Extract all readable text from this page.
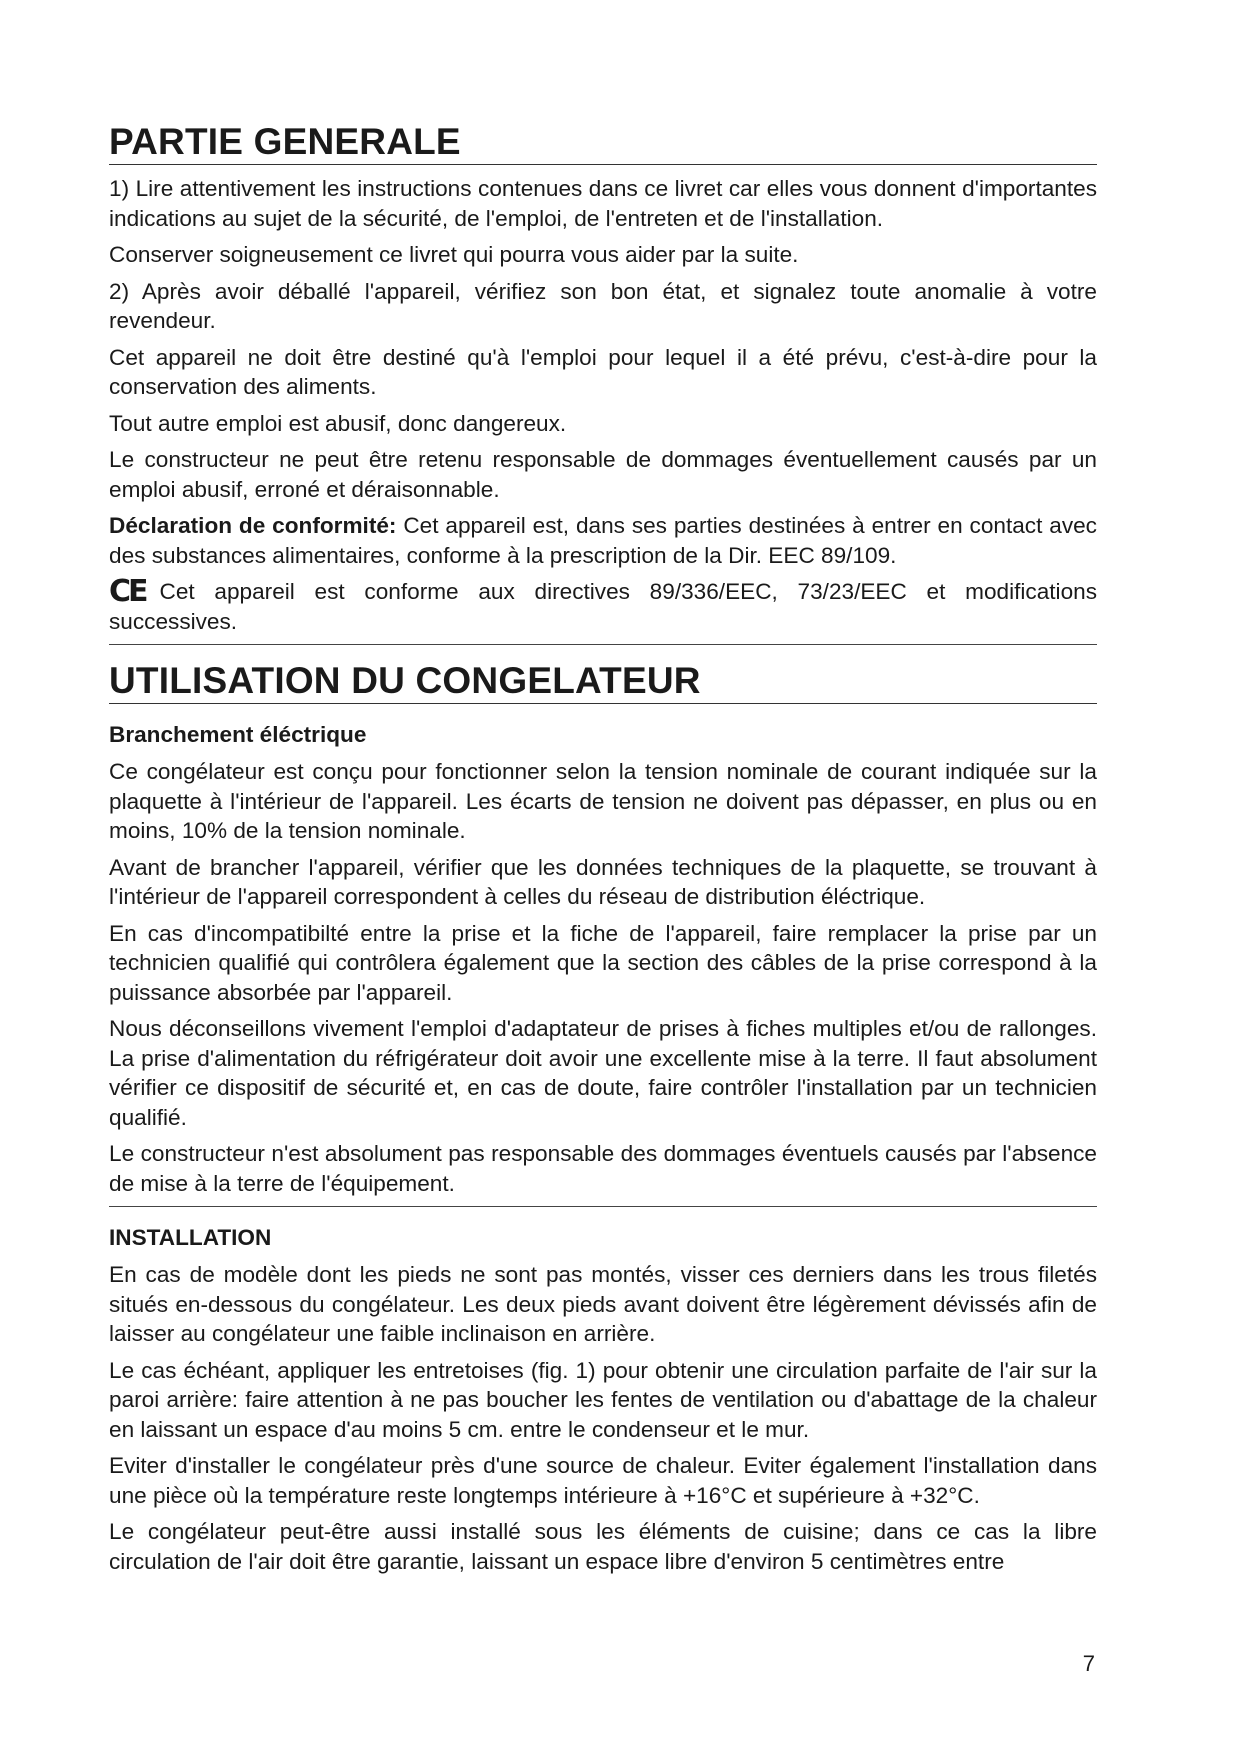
PARTIE GENERALE

1) Lire attentivement les instructions contenues dans ce livret car elles vous donnent d'importantes indications au sujet de la sécurité, de l'emploi, de l'entreten et de l'installation.

Conserver soigneusement ce livret qui pourra vous aider par la suite.

2) Après avoir déballé l'appareil, vérifiez son bon état, et signalez toute anomalie à votre revendeur.

Cet appareil ne doit être destiné qu'à l'emploi pour lequel il a été prévu, c'est-à-dire pour la conservation des aliments.

Tout autre emploi est abusif, donc dangereux.

Le constructeur ne peut être retenu responsable de dommages éventuellement causés par un emploi abusif, erroné et déraisonnable.

Déclaration de conformité: Cet appareil est, dans ses parties destinées à entrer en contact avec des substances alimentaires, conforme à la prescription de la Dir. EEC 89/109.

CE Cet appareil est conforme aux directives 89/336/EEC, 73/23/EEC et modifications successives.

UTILISATION DU CONGELATEUR
Branchement éléctrique

Ce congélateur est conçu pour fonctionner selon la tension nominale de courant indiquée sur la plaquette à l'intérieur de l'appareil. Les écarts de tension ne doivent pas dépasser, en plus ou en moins, 10% de la tension nominale.

Avant de brancher l'appareil, vérifier que les données techniques de la plaquette, se trouvant à l'intérieur de l'appareil correspondent à celles du réseau de distribution éléctrique.

En cas d'incompatibilté entre la prise et la fiche de l'appareil, faire remplacer la prise par un technicien qualifié qui contrôlera également que la section des câbles de la prise correspond à la puissance absorbée par l'appareil.

Nous déconseillons vivement l'emploi d'adaptateur de prises à fiches multiples et/ou de rallonges. La prise d'alimentation du réfrigérateur doit avoir une excellente mise à la terre. Il faut absolument vérifier ce dispositif de sécurité et, en cas de doute, faire contrôler l'installation par un technicien qualifié.

Le constructeur n'est absolument pas responsable des dommages éventuels causés par l'absence de mise à la terre de l'équipement.

INSTALLATION

En cas de modèle dont les pieds ne sont pas montés, visser ces derniers dans les trous filetés situés en-dessous du congélateur. Les deux pieds avant doivent être légèrement dévissés afin de laisser au congélateur une faible inclinaison en arrière.

Le cas échéant, appliquer les entretoises (fig. 1) pour obtenir une circulation parfaite de l'air sur la paroi arrière: faire attention à ne pas boucher les fentes de ventilation ou d'abattage de la chaleur en laissant un espace d'au moins 5 cm. entre le condenseur et le mur.

Eviter d'installer le congélateur près d'une source de chaleur. Eviter également l'installation dans une pièce où la température reste longtemps intérieure à +16°C et supérieure à +32°C.

Le congélateur peut-être aussi installé sous les éléments de cuisine; dans ce cas la libre circulation de l'air doit être garantie, laissant un espace libre d'environ 5 centimètres entre

7
